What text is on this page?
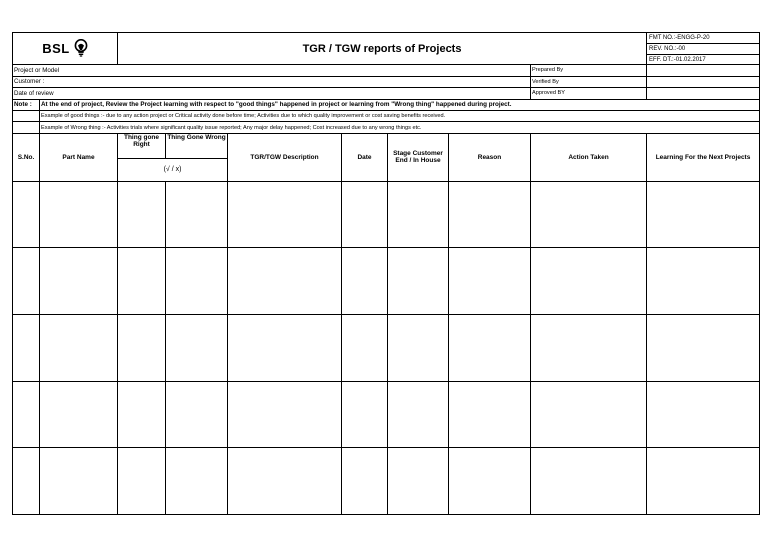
BSL		TGR / TGW reports of Projects							FMT NO.:-ENGG-P-20
									REV. NO.:-00
									EFF. DT.:-01.02.2017
Project or Model								Prepared By	
Customer :								Verified By	
Date of review								Approved BY	
Note :	At the end of project, Review the Project learning with respect to "good things" happened in project or learning from "Wrong thing" happened during project.								
	Example of good things :- due to any action project or Critical activity done before time; Activities due to which quality improvement or cost saving benefits received.								
	Example of Wrong thing :- Activities trials where significant quality issue reported; Any major delay happened; Cost increased due to any wrong things etc.								
S.No.	Part Name	Thing gone Right	Thing Gone Wrong	TGR/TGW Description	Date	Stage Customer End / In House	Reason	Action Taken	Learning For the Next Projects
		(√ / x)							
